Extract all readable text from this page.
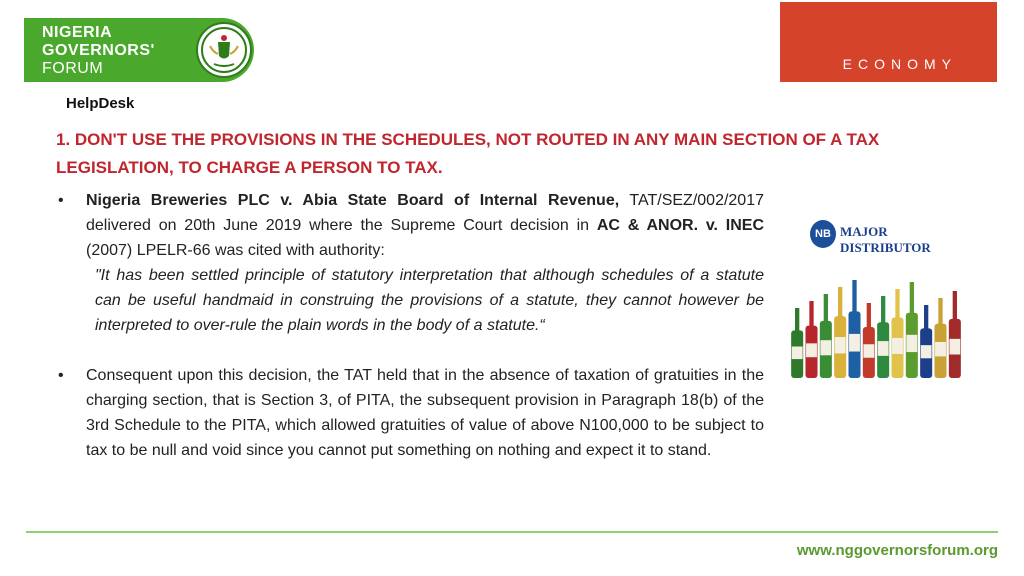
NIGERIA
GOVERNORS'
FORUM	ECONOMY
HelpDesk
1. DON'T USE THE PROVISIONS IN THE SCHEDULES, NOT ROUTED IN ANY MAIN SECTION OF A TAX LEGISLATION, TO CHARGE A PERSON TO TAX.
• Nigeria Breweries PLC v. Abia State Board of Internal Revenue, TAT/SEZ/002/2017 delivered on 20th June 2019 where the Supreme Court decision in AC & ANOR. v. INEC (2007) LPELR-66 was cited with authority:
"It has been settled principle of statutory interpretation that although schedules of a statute can be useful handmaid in construing the provisions of a statute, they cannot however be interpreted to over-rule the plain words in the body of a statute.“
• Consequent upon this decision, the TAT held that in the absence of taxation of gratuities in the charging section, that is Section 3, of PITA, the subsequent provision in Paragraph 18(b) of the 3rd Schedule to the PITA, which allowed gratuities of value of above N100,000 to be subject to tax to be null and void since you cannot put something on nothing and expect it to stand.
NB MAJOR DISTRIBUTOR
www.nggovernorsforum.org
